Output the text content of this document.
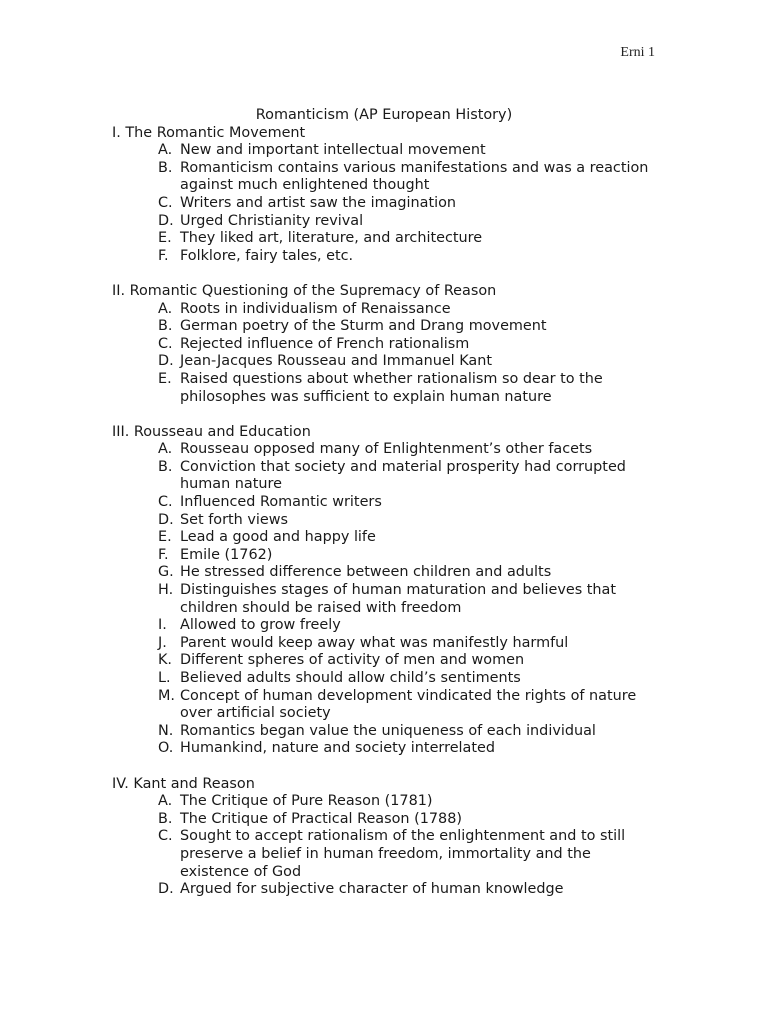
Erni 1
Romanticism (AP European History)
I. The Romantic Movement
A. New and important intellectual movement
B. Romanticism contains various manifestations and was a reaction against much enlightened thought
C. Writers and artist saw the imagination
D. Urged Christianity revival
E. They liked art, literature, and architecture
F. Folklore, fairy tales, etc.
II. Romantic Questioning of the Supremacy of Reason
A. Roots in individualism of Renaissance
B. German poetry of the Sturm and Drang movement
C. Rejected influence of French rationalism
D. Jean-Jacques Rousseau and Immanuel Kant
E. Raised questions about whether rationalism so dear to the philosophes was sufficient to explain human nature
III. Rousseau and Education
A. Rousseau opposed many of Enlightenment’s other facets
B. Conviction that society and material prosperity had corrupted human nature
C. Influenced Romantic writers
D. Set forth views
E. Lead a good and happy life
F. Emile (1762)
G. He stressed difference between children and adults
H. Distinguishes stages of human maturation and believes that children should be raised with freedom
I. Allowed to grow freely
J. Parent would keep away what was manifestly harmful
K. Different spheres of activity of men and women
L. Believed adults should allow child’s sentiments
M. Concept of human development vindicated the rights of nature over artificial society
N. Romantics began value the uniqueness of each individual
O. Humankind, nature and society interrelated
IV. Kant and Reason
A. The Critique of Pure Reason (1781)
B. The Critique of Practical Reason (1788)
C. Sought to accept rationalism of the enlightenment and to still preserve a belief in human freedom, immortality and the existence of God
D. Argued for subjective character of human knowledge
